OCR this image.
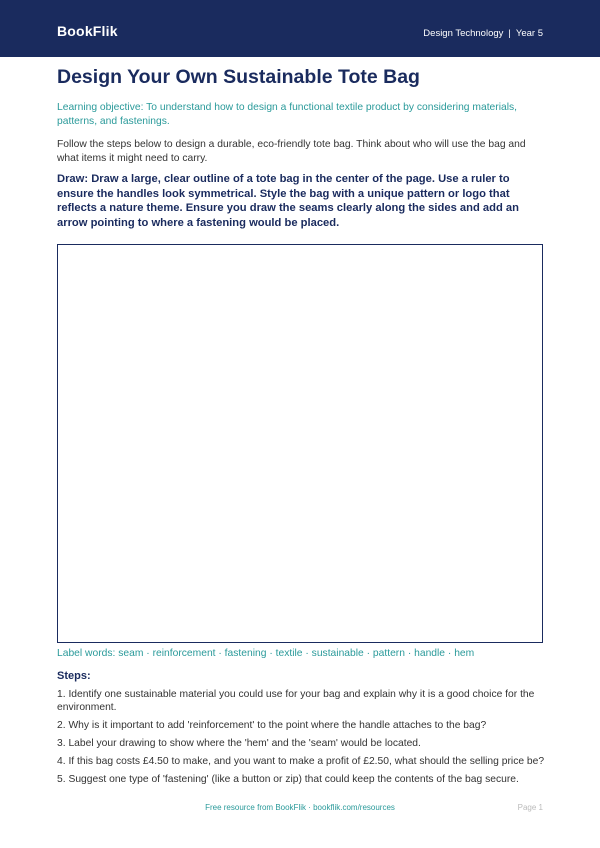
BookFlik	Design Technology | Year 5
Design Your Own Sustainable Tote Bag
Learning objective: To understand how to design a functional textile product by considering materials, patterns, and fastenings.
Follow the steps below to design a durable, eco-friendly tote bag. Think about who will use the bag and what items it might need to carry.
Draw: Draw a large, clear outline of a tote bag in the center of the page. Use a ruler to ensure the handles look symmetrical. Style the bag with a unique pattern or logo that reflects a nature theme. Ensure you draw the seams clearly along the sides and add an arrow pointing to where a fastening would be placed.
Label words: seam · reinforcement · fastening · textile · sustainable · pattern · handle · hem
Steps:
1. Identify one sustainable material you could use for your bag and explain why it is a good choice for the environment.
2. Why is it important to add 'reinforcement' to the point where the handle attaches to the bag?
3. Label your drawing to show where the 'hem' and the 'seam' would be located.
4. If this bag costs £4.50 to make, and you want to make a profit of £2.50, what should the selling price be?
5. Suggest one type of 'fastening' (like a button or zip) that could keep the contents of the bag secure.
Free resource from BookFlik · bookflik.com/resources	Page 1
